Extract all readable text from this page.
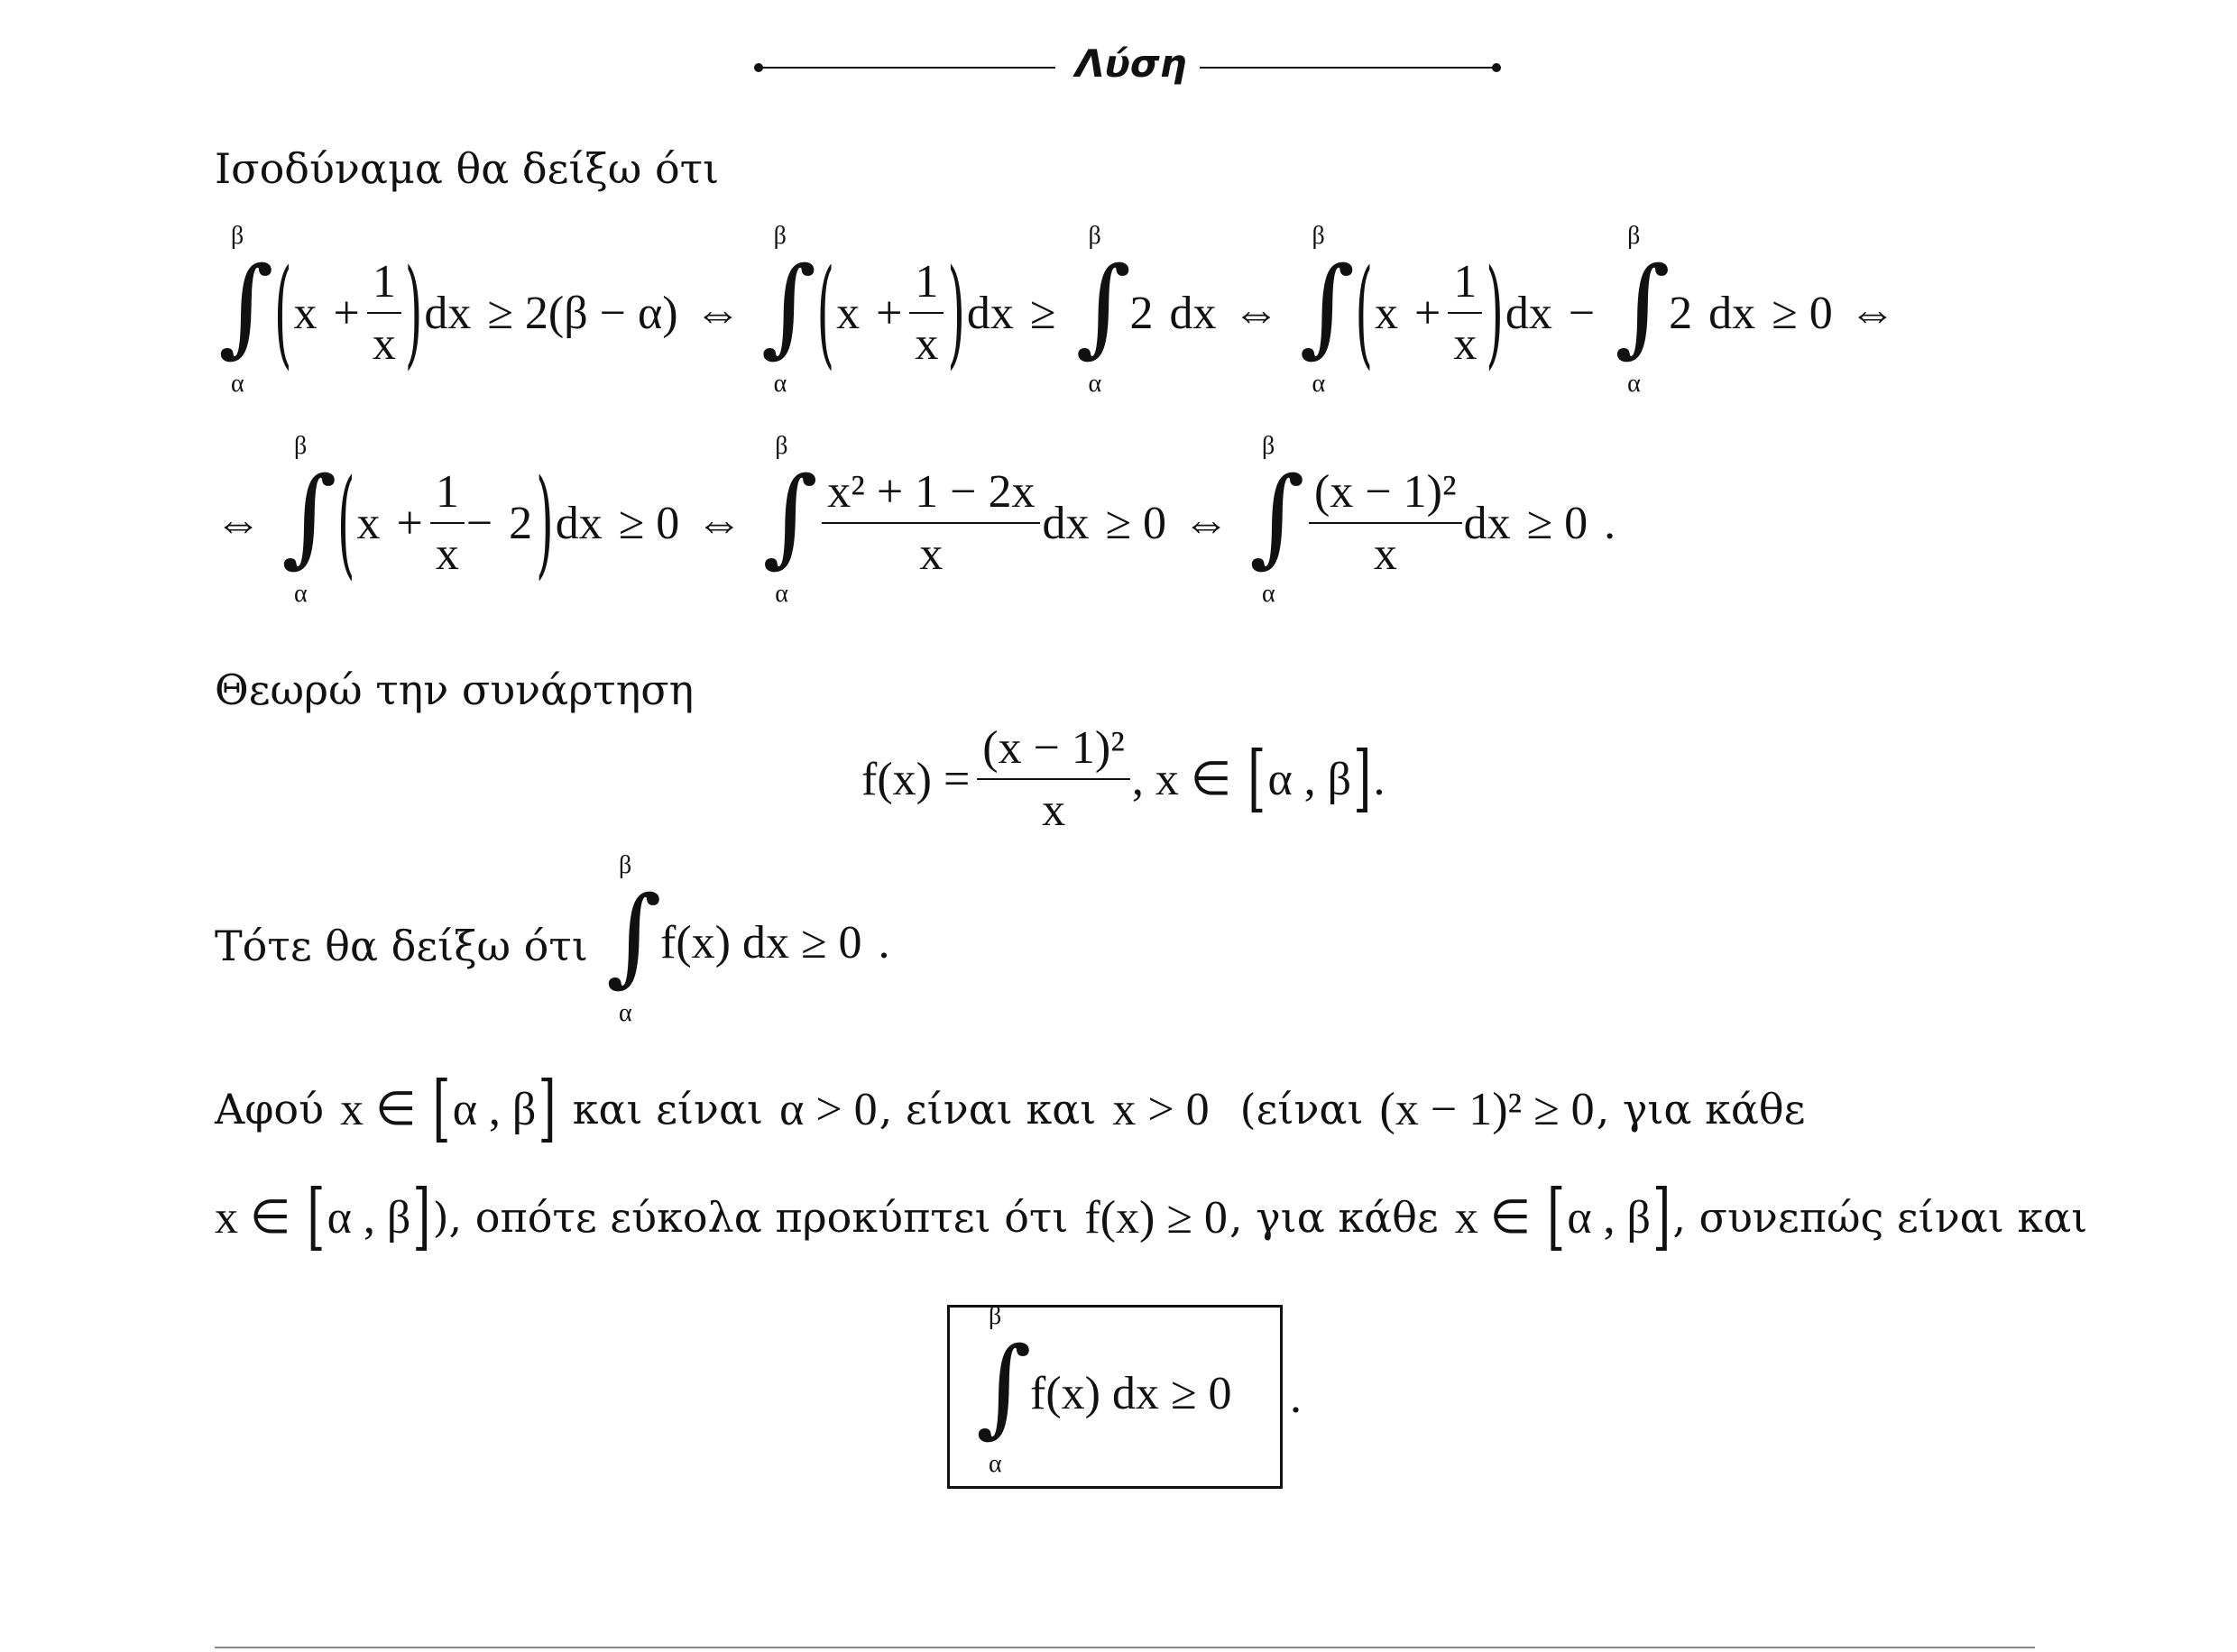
Λύση
Ισοδύναμα θα δείξω ότι
∫
β
α
( $x + \frac{1}{x}$ ) dx ≥ 2(β − α) ⇔ ∫
β
α
( $x + \frac{1}{x}$ ) dx ≥ ∫
β
α
2 dx ⇔ ∫
β
α
( $x + \frac{1}{x}$ ) dx − ∫
β
α
2 dx ≥ 0 ⇔
⇔ ∫
β
α
( $x + \frac{1}{x} - 2$ ) dx ≥ 0 ⇔ ∫
β
α
$\frac{\text{x² + 1 − 2x}}{x}$ dx ≥ 0 ⇔ ∫
β
α
$\frac{\text{(x − 1)²}}{x}$ dx ≥ 0 .
Θεωρώ την συνάρτηση
$f(x) = \frac{\text{(x − 1)²}}{x}$ , x ∈ [ α , β ] .
Τότε θα δείξω ότι ∫
β
α
f(x) dx ≥ 0 .
Αφού x ∈ [ α , β ] και είναι α > 0 , είναι και x > 0 (είναι (x − 1)² ≥ 0 , για κάθε
x ∈ [ α , β ] ), οπότε εύκολα προκύπτει ότι f(x) ≥ 0 , για κάθε x ∈ [ α , β ] , συνεπώς είναι και
∫
β
α
f(x) dx ≥ 0 .
